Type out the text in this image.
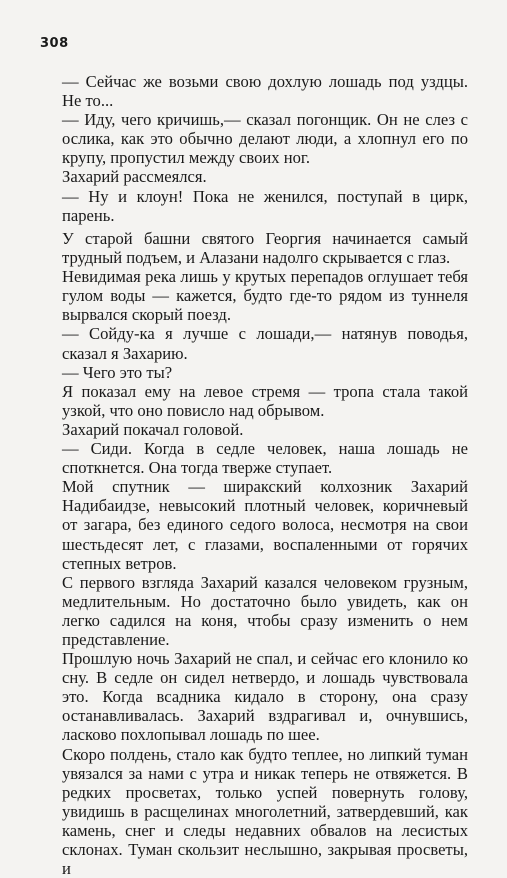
308

— Сейчас же возьми свою дохлую лошадь под уздцы. Не то...

— Иду, чего кричишь,— сказал погонщик. Он не слез с ослика, как это обычно делают люди, а хлопнул его по крупу, пропустил между своих ног.

Захарий рассмеялся.

— Ну и клоун! Пока не женился, поступай в цирк, парень.

У старой башни святого Георгия начинается самый трудный подъем, и Алазани надолго скрывается с глаз.

Невидимая река лишь у крутых перепадов оглушает тебя гулом воды — кажется, будто где-то рядом из туннеля вырвался скорый поезд.

— Сойду-ка я лучше с лошади,— натянув поводья, сказал я Захарию.

— Чего это ты?

Я показал ему на левое стремя — тропа стала такой узкой, что оно повисло над обрывом.

Захарий покачал головой.

— Сиди. Когда в седле человек, наша лошадь не споткнется. Она тогда тверже ступает.

Мой спутник — ширакский колхозник Захарий Надибаидзе, невысокий плотный человек, коричневый от загара, без единого седого волоса, несмотря на свои шестьдесят лет, с глазами, воспаленными от горячих степных ветров.

С первого взгляда Захарий казался человеком грузным, медлительным. Но достаточно было увидеть, как он легко садился на коня, чтобы сразу изменить о нем представление.

Прошлую ночь Захарий не спал, и сейчас его клонило ко сну. В седле он сидел нетвердо, и лошадь чувствовала это. Когда всадника кидало в сторону, она сразу останавливалась. Захарий вздрагивал и, очнувшись, ласково похлопывал лошадь по шее.

Скоро полдень, стало как будто теплее, но липкий туман увязался за нами с утра и никак теперь не отвяжется. В редких просветах, только успей повернуть голову, увидишь в расщелинах многолетний, затвердевший, как камень, снег и следы недавних обвалов на лесистых склонах. Туман скользит неслышно, закрывая просветы, и
